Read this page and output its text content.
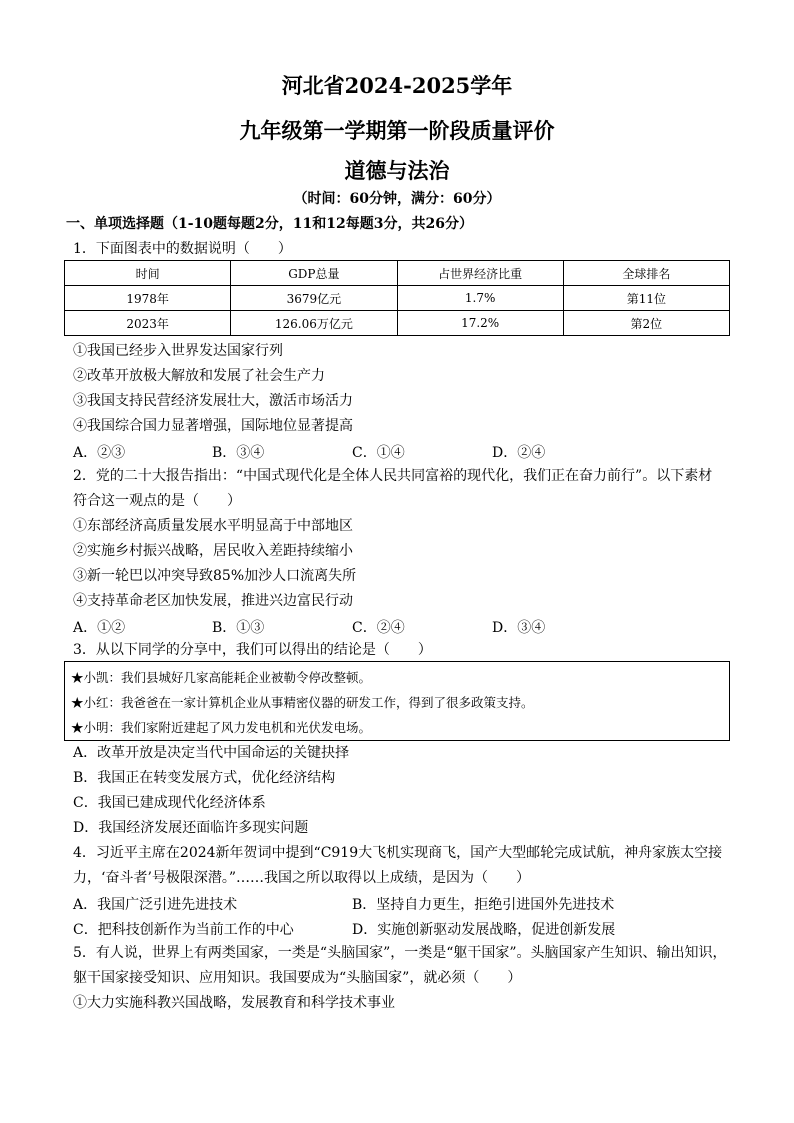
河北省2024-2025学年
九年级第一学期第一阶段质量评价
道德与法治
（时间：60分钟，满分：60分）
一、单项选择题（1-10题每题2分，11和12每题3分，共26分）
1．下面图表中的数据说明（　　）
时间	GDP总量	占世界经济比重	全球排名
1978年	3679亿元	1.7%	第11位
2023年	126.06万亿元	17.2%	第2位
①我国已经步入世界发达国家行列
②改革开放极大解放和发展了社会生产力
③我国支持民营经济发展壮大，激活市场活力
④我国综合国力显著增强，国际地位显著提高
A．②③	B．③④	C．①④	D．②④
2．党的二十大报告指出：“中国式现代化是全体人民共同富裕的现代化，我们正在奋力前行”。以下素材
符合这一观点的是（　　）
①东部经济高质量发展水平明显高于中部地区
②实施乡村振兴战略，居民收入差距持续缩小
③新一轮巴以冲突导致85%加沙人口流离失所
④支持革命老区加快发展，推进兴边富民行动
A．①②	B．①③	C．②④	D．③④
3．从以下同学的分享中，我们可以得出的结论是（　　）
★小凯：我们县城好几家高能耗企业被勒令停改整顿。
★小红：我爸爸在一家计算机企业从事精密仪器的研发工作，得到了很多政策支持。
★小明：我们家附近建起了风力发电机和光伏发电场。
A．改革开放是决定当代中国命运的关键抉择
B．我国正在转变发展方式，优化经济结构
C．我国已建成现代化经济体系
D．我国经济发展还面临许多现实问题
4．习近平主席在2024新年贺词中提到“C919大飞机实现商飞，国产大型邮轮完成试航，神舟家族太空接
力，‘奋斗者’号极限深潜。”……我国之所以取得以上成绩，是因为（　　）
A．我国广泛引进先进技术	B．坚持自力更生，拒绝引进国外先进技术
C．把科技创新作为当前工作的中心	D．实施创新驱动发展战略，促进创新发展
5．有人说，世界上有两类国家，一类是“头脑国家”，一类是“躯干国家”。头脑国家产生知识、输出知识，
躯干国家接受知识、应用知识。我国要成为“头脑国家”，就必须（　　）
①大力实施科教兴国战略，发展教育和科学技术事业
